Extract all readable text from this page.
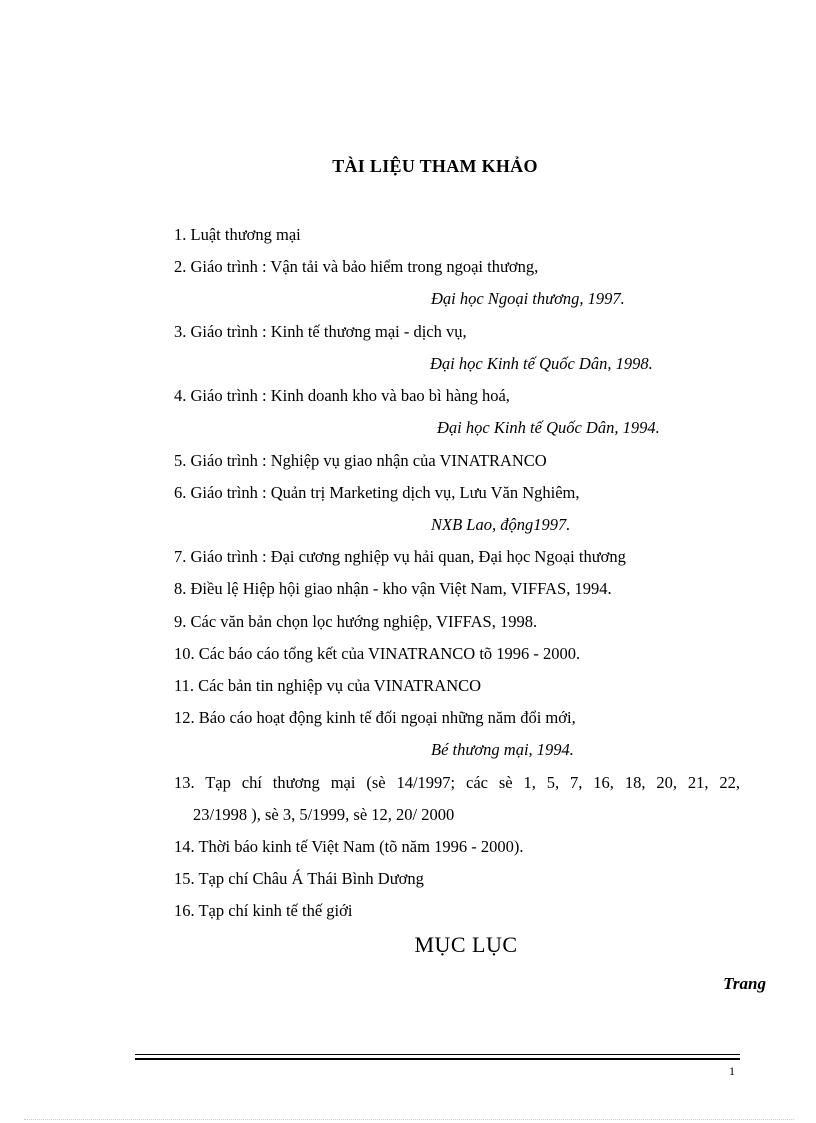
TÀI LIỆU THAM KHẢO
1. Luật thương mại
2. Giáo trình : Vận tải và bảo hiểm trong ngoại thương,
Đại học Ngoại thương, 1997.
3. Giáo trình : Kinh tế thương mại - dịch vụ,
Đại học Kinh tế Quốc Dân, 1998.
4. Giáo trình : Kinh doanh kho và bao bì hàng hoá,
Đại học Kinh tế Quốc Dân, 1994.
5. Giáo trình : Nghiệp vụ giao nhận của VINATRANCO
6. Giáo trình : Quản trị Marketing dịch vụ, Lưu Văn Nghiêm,
NXB Lao, động1997.
7. Giáo trình : Đại cương nghiệp vụ hải quan, Đại học Ngoại thương
8. Điều lệ Hiệp hội giao nhận - kho vận Việt Nam, VIFFAS, 1994.
9. Các văn bản chọn lọc hướng nghiệp, VIFFAS, 1998.
10. Các báo cáo tổng kết của VINATRANCO tõ 1996 - 2000.
11. Các bản tin nghiệp vụ của VINATRANCO
12. Báo cáo hoạt động kinh tế đối ngoại những năm đổi mới,
Bé thương mại, 1994.
13. Tạp chí thương mại (sè 14/1997; các sè 1, 5, 7, 16, 18, 20, 21, 22,
23/1998 ), sè 3, 5/1999, sè 12, 20/ 2000
14. Thời báo kinh tế Việt Nam (tõ năm 1996 - 2000).
15. Tạp chí Châu Á Thái Bình Dương
16. Tạp chí kinh tế thế giới
MỤC LỤC
Trang
1
